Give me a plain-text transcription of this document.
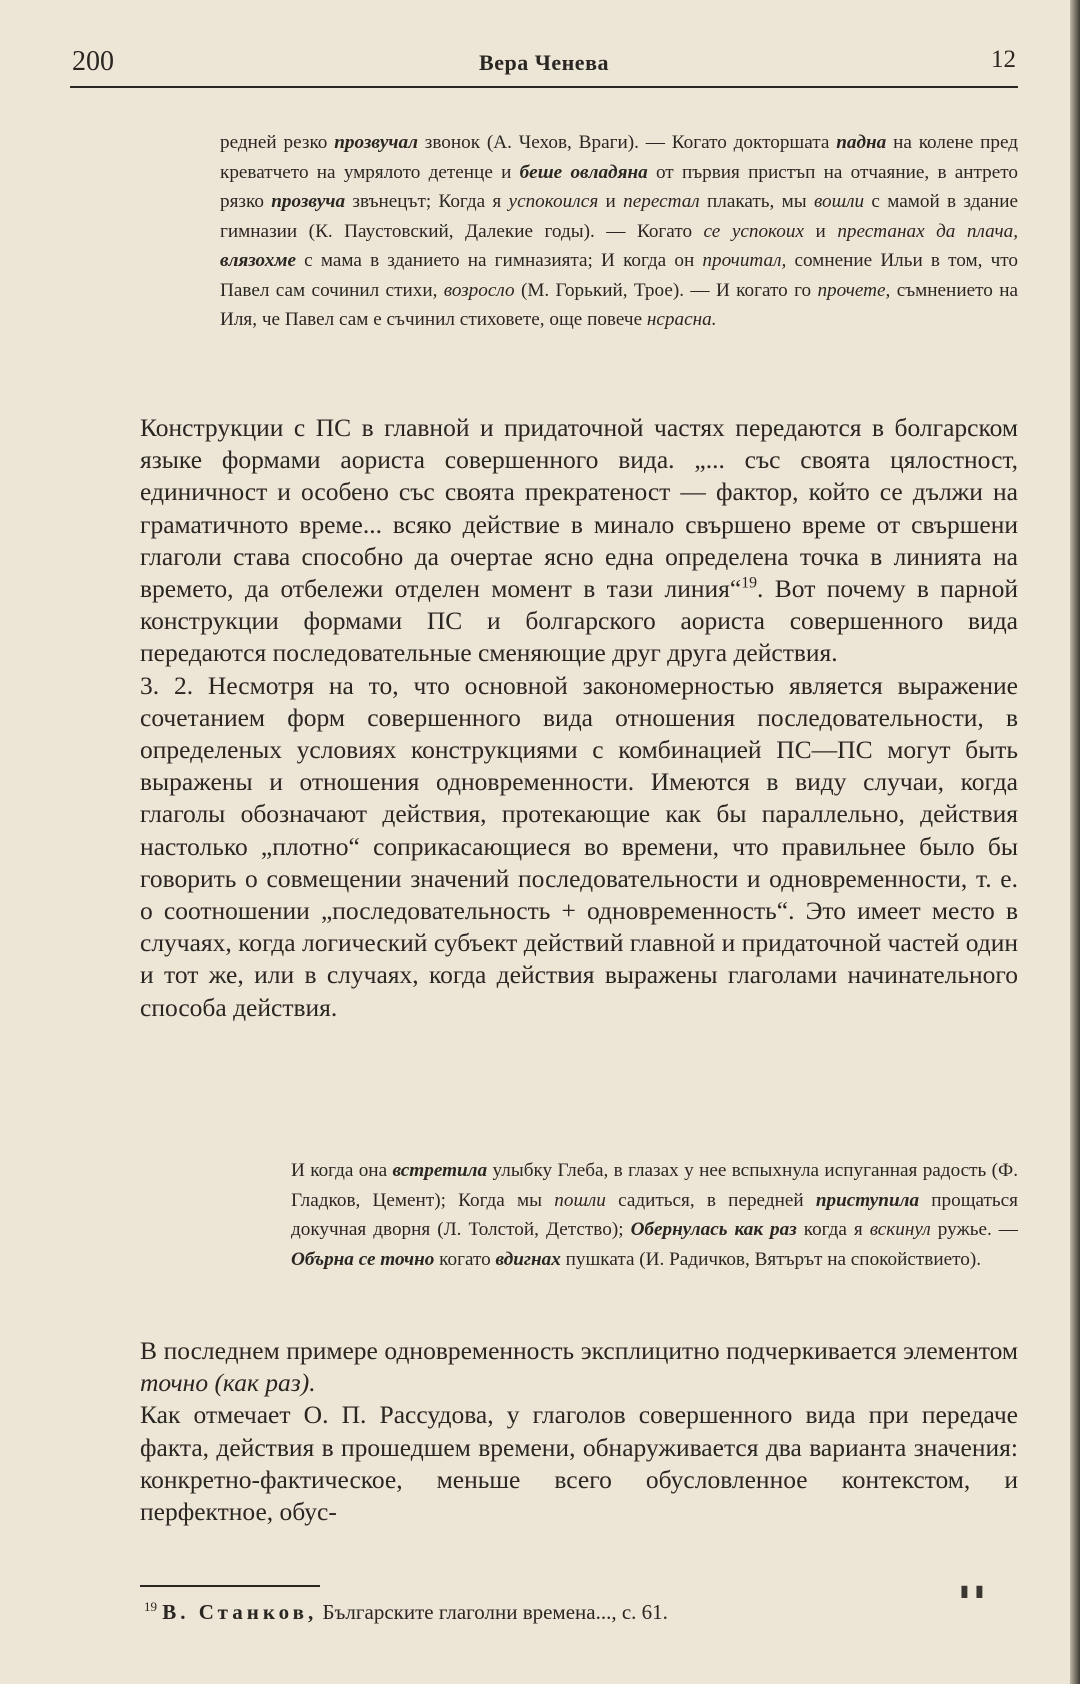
200	Вера Ченева	12

редней резко прозвучал звонок (А. Чехов, Враги). — Когато докторшата падна на колене пред креватчето на умрялото детенце и беше овладяна от първия пристъп на отчаяние, в антрето рязко прозвуча звънецът; Когда я успокоился и перестал плакать, мы вошли с мамой в здание гимназии (К. Паустовский, Далекие годы). — Когато се успокоих и престанах да плача, влязохме с мама в зданието на гимназията; И когда он прочитал, сомнение Ильи в том, что Павел сам сочинил стихи, возросло (М. Горький, Трое). — И когато го прочете, съмнението на Иля, че Павел сам е съчинил стиховете, още повече нсрасна.

Конструкции с ПС в главной и придаточной частях передаются в болгарском языке формами аориста совершенного вида. „... със своята цялостност, единичност и особено със своята прекратеност — фактор, който се дължи на граматичното време... всяко действие в минало свършено време от свършени глаголи става способно да очертае ясно една определена точка в линията на времето, да отбележи отделен момент в тази линия“$^{19}$. Вот почему в парной конструкции формами ПС и болгарского аориста совершенного вида передаются последовательные сменяющие друг друга действия.

3. 2. Несмотря на то, что основной закономерностью является выражение сочетанием форм совершенного вида отношения последовательности, в определеных условиях конструкциями с комбинацией ПС—ПС могут быть выражены и отношения одновременности. Имеются в виду случаи, когда глаголы обозначают действия, протекающие как бы параллельно, действия настолько „плотно“ соприкасающиеся во времени, что правильнее было бы говорить о совмещении значений последовательности и одновременности, т. е. о соотношении „последовательность + одновременность“. Это имеет место в случаях, когда логический субъект действий главной и придаточной частей один и тот же, или в случаях, когда действия выражены глаголами начинательного способа действия.

И когда она встретила улыбку Глеба, в глазах у нее вспыхнула испуганная радость (Ф. Гладков, Цемент); Когда мы пошли садиться, в передней приступила прощаться докучная дворня (Л. Толстой, Детство); Обернулась как раз когда я вскинул ружье. — Обърна се точно когато вдигнах пушката (И. Радичков, Вятърът на спокойствието).

В последнем примере одновременность эксплицитно подчеркивается элементом точно (как раз).

Как отмечает О. П. Рассудова, у глаголов совершенного вида при передаче факта, действия в прошедшем времени, обнаруживается два варианта значения: конкретно-фактическое, меньше всего обусловленное контекстом, и перфектное, обус-

▮ ▮
$^{19}$ В. Станков, Българските глаголни времена..., с. 61.
